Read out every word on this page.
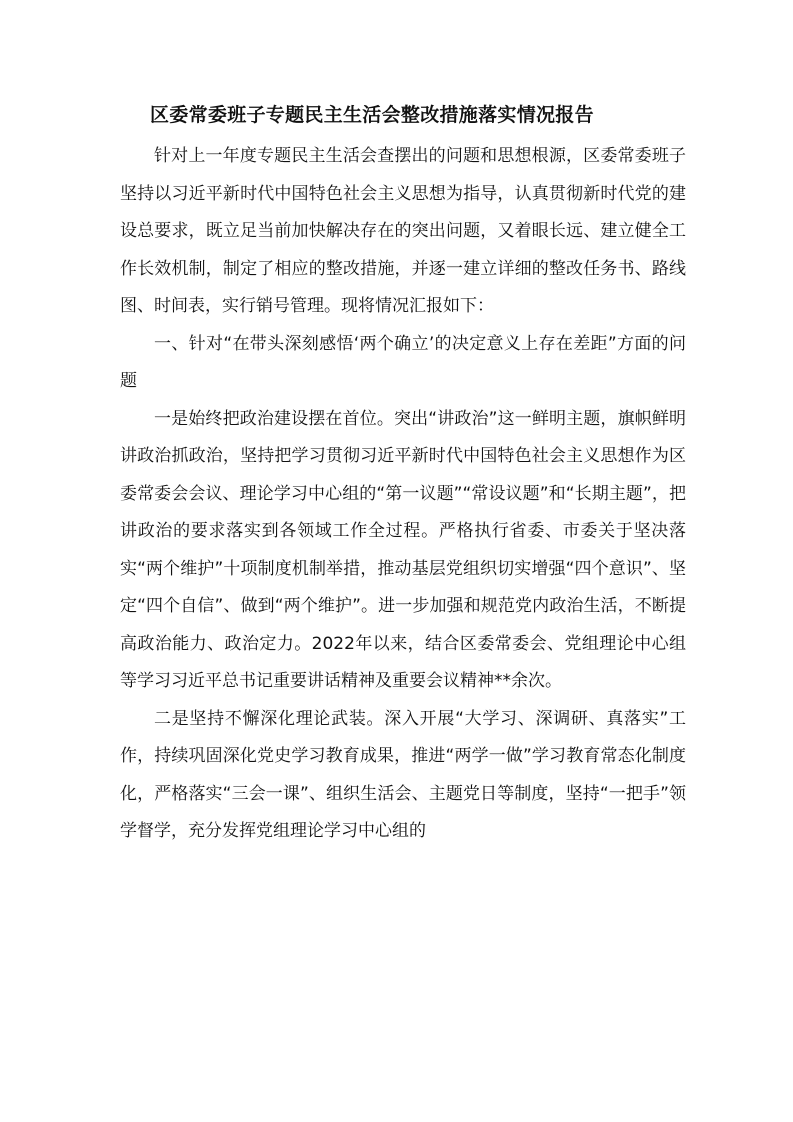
区委常委班子专题民主生活会整改措施落实情况报告

针对上一年度专题民主生活会查摆出的问题和思想根源，区委常委班子坚持以习近平新时代中国特色社会主义思想为指导，认真贯彻新时代党的建设总要求，既立足当前加快解决存在的突出问题，又着眼长远、建立健全工作长效机制，制定了相应的整改措施，并逐一建立详细的整改任务书、路线图、时间表，实行销号管理。现将情况汇报如下：

一、针对“在带头深刻感悟‘两个确立’的决定意义上存在差距”方面的问题

一是始终把政治建设摆在首位。突出“讲政治”这一鲜明主题，旗帜鲜明讲政治抓政治，坚持把学习贯彻习近平新时代中国特色社会主义思想作为区委常委会会议、理论学习中心组的“第一议题”“常设议题”和“长期主题”，把讲政治的要求落实到各领域工作全过程。严格执行省委、市委关于坚决落实“两个维护”十项制度机制举措，推动基层党组织切实增强“四个意识”、坚定“四个自信”、做到“两个维护”。进一步加强和规范党内政治生活，不断提高政治能力、政治定力。2022年以来，结合区委常委会、党组理论中心组等学习习近平总书记重要讲话精神及重要会议精神**余次。

二是坚持不懈深化理论武装。深入开展“大学习、深调研、真落实”工作，持续巩固深化党史学习教育成果，推进“两学一做”学习教育常态化制度化，严格落实“三会一课”、组织生活会、主题党日等制度，坚持“一把手”领学督学，充分发挥党组理论学习中心组的
